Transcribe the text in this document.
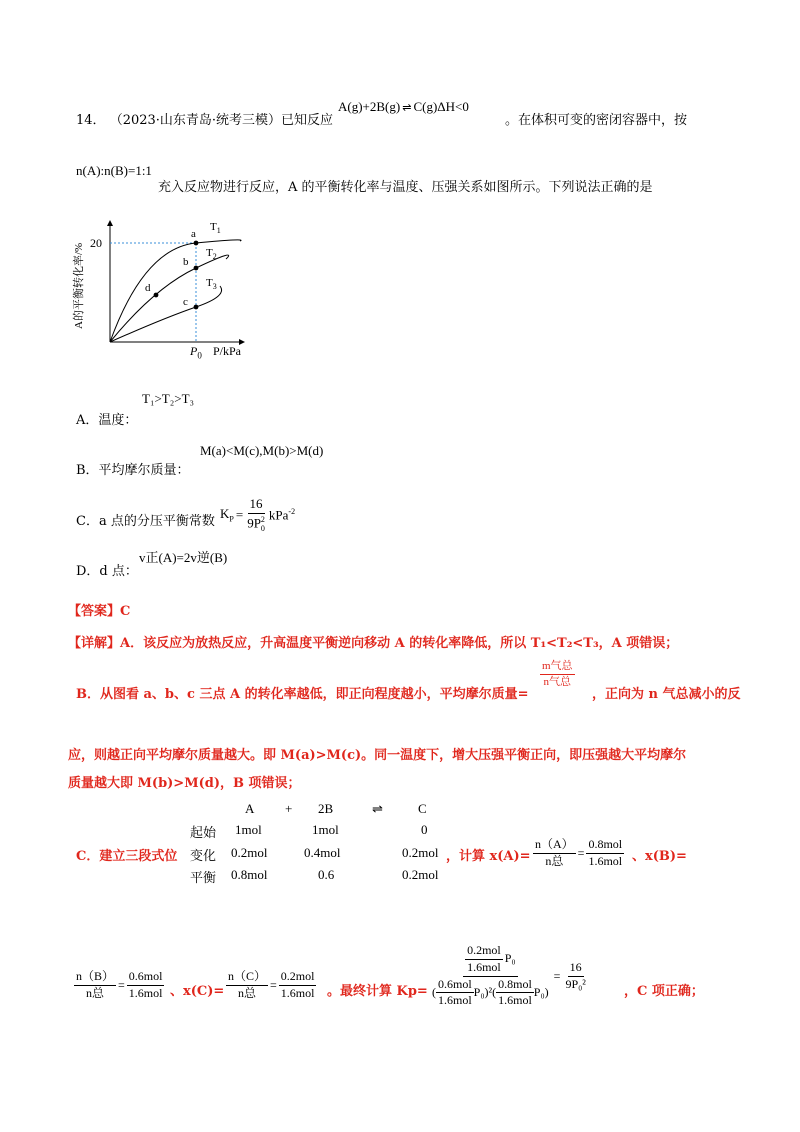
14． （2023·山东青岛·统考三模）已知反应
A(g)+2B(g) ⇌ C(g)ΔH<0
。在体积可变的密闭容器中，按
n(A):n(B)=1:1
充入反应物进行反应，A 的平衡转化率与温度、压强关系如图所示。下列说法正确的是
A的平衡转化率/% 20
$P_0$ P/kPa
$T_1$
$T_2$
$T_3$
a
b
c
d
A．温度：
T₁>T₂>T₃
B．平均摩尔质量：
M(a)<M(c),M(b)>M(d)
C．a 点的分压平衡常数
$K_P = \frac{16}{9P^2_0} kPa^{-2}$
D．d 点：
v正(A)=2v逆(B)
【答案】C
【详解】A．该反应为放热反应，升高温度平衡逆向移动 A 的转化率降低，所以 T₁<T₂<T₃，A 项错误；
B．从图看 a、b、c 三点 A 的转化率越低，即正向程度越小，平均摩尔质量=
$\frac{\text{m气总}}{\text{n气总}}$
，正向为 n 气总减小的反
应，则越正向平均摩尔质量越大。即 M(a)>M(c)。同一温度下，增大压强平衡正向，即压强越大平均摩尔
质量越大即 M(b)>M(d)，B 项错误；
A + 2B	⇌	C
起始 1mol	1mol	0
变化 0.2mol	0.4mol	0.2mol
平衡 0.8mol	0.6	0.2mol
C．建立三段式位	，计算 $x(A)= \frac{n(A)}{\text{n总}} = \frac{\text{0.8mol}}{\text{1.6mol}}$ 、x(B)=
$\frac{n(B)}{\text{n总}} = \frac{\text{0.6mol}}{\text{1.6mol}}$ 、$x(C)= \frac{n(C)}{\text{n总}} = \frac{\text{0.2mol}}{\text{1.6mol}}$ 。最终计算 Kp=
$\frac{\text{0.2mol}}{\text{1.6mol}} P_0$
( $\frac{\text{0.6mol}}{\text{1.6mol}} P_0$ )$^2( \frac{\text{0.8mol}}{\text{1.6mol}} P_0$ )
= $\frac{16}{\text{9P₀²}}$
，C 项正确；
